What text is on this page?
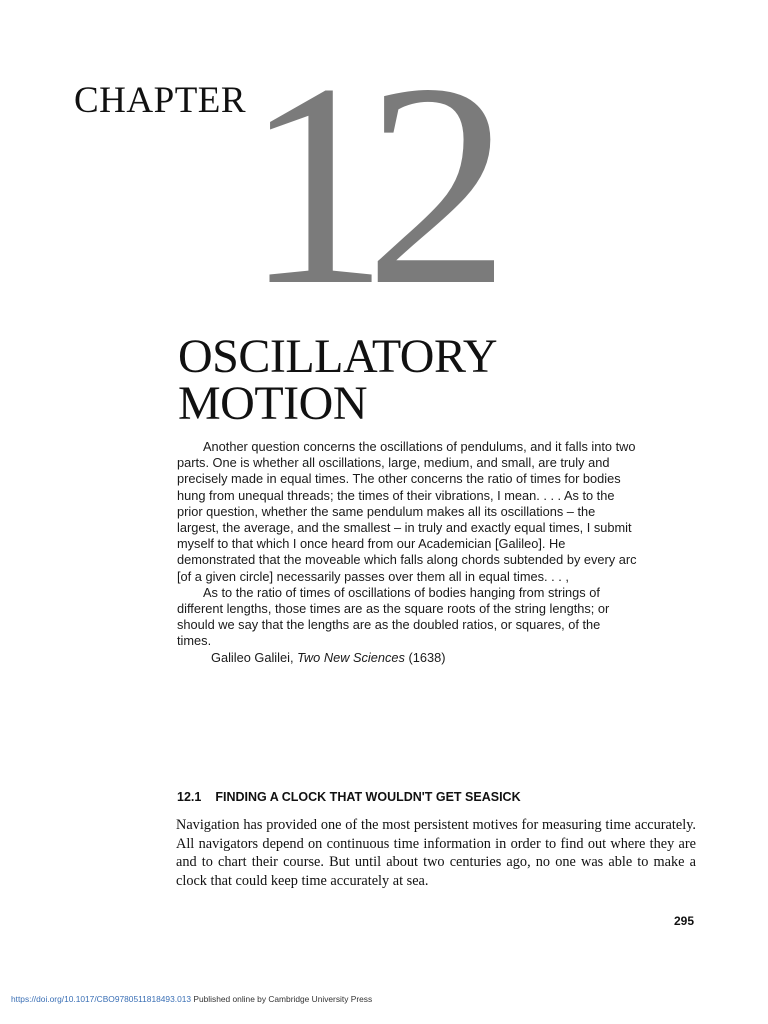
CHAPTER
12
OSCILLATORY
MOTION

Another question concerns the oscillations of pendulums, and it falls into two parts. One is whether all oscillations, large, medium, and small, are truly and precisely made in equal times. The other concerns the ratio of times for bodies hung from unequal threads; the times of their vibrations, I mean. . . . As to the prior question, whether the same pendulum makes all its oscillations – the largest, the average, and the smallest – in truly and exactly equal times, I submit myself to that which I once heard from our Academician [Galileo]. He demonstrated that the moveable which falls along chords subtended by every arc [of a given circle] necessarily passes over them all in equal times. . . ,

As to the ratio of times of oscillations of bodies hanging from strings of different lengths, those times are as the square roots of the string lengths; or should we say that the lengths are as the doubled ratios, or squares, of the times.

Galileo Galilei, Two New Sciences (1638)

12.1 FINDING A CLOCK THAT WOULDN'T GET SEASICK

Navigation has provided one of the most persistent motives for measuring time accurately. All navigators depend on continuous time information in order to find out where they are and to chart their course. But until about two centuries ago, no one was able to make a clock that could keep time accurately at sea.

295
https://doi.org/10.1017/CBO9780511818493.013 Published online by Cambridge University Press
